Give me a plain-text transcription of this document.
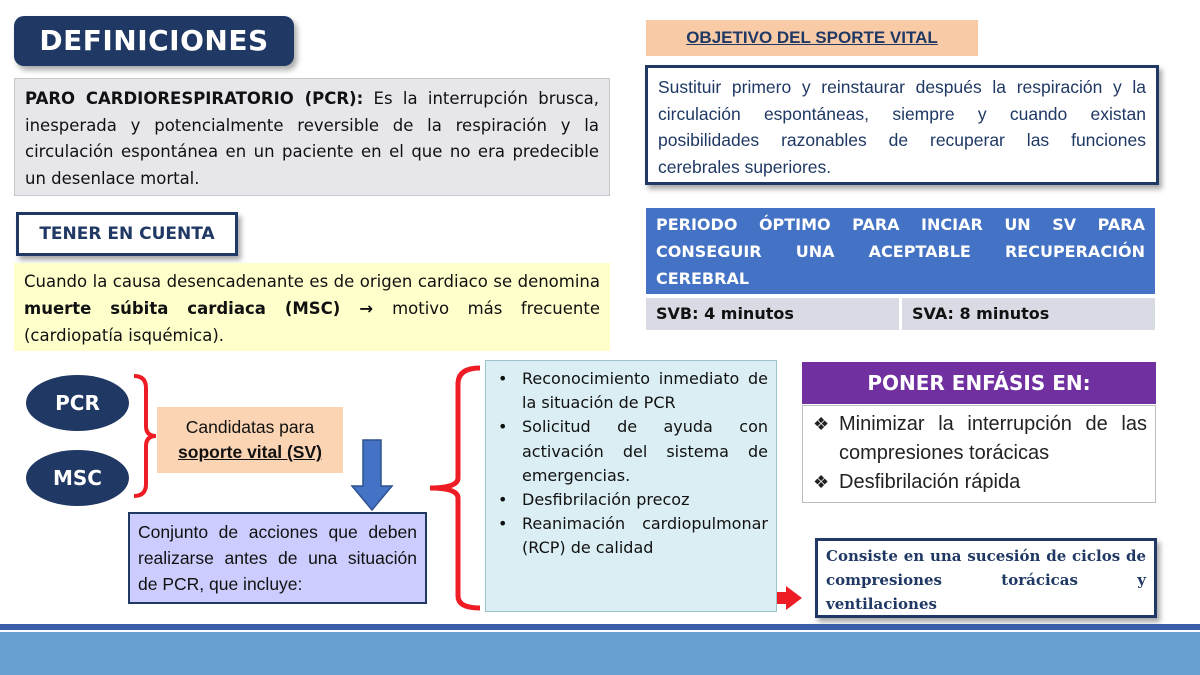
DEFINICIONES
PARO CARDIORESPIRATORIO (PCR): Es la interrupción brusca, inesperada y potencialmente reversible de la respiración y la circulación espontánea en un paciente en el que no era predecible un desenlace mortal.
TENER EN CUENTA
Cuando la causa desencadenante es de origen cardiaco se denomina muerte súbita cardiaca (MSC) → motivo más frecuente (cardiopatía isquémica).
OBJETIVO DEL SPORTE VITAL
Sustituir primero y reinstaurar después la respiración y la circulación espontáneas, siempre y cuando existan posibilidades razonables de recuperar las funciones cerebrales superiores.
PERIODO ÓPTIMO PARA INCIAR UN SV PARA CONSEGUIR UNA ACEPTABLE RECUPERACIÓN CEREBRAL
SVB: 4 minutos	SVA: 8 minutos
PCR
MSC
Candidatas para
soporte vital (SV)
Conjunto de acciones que deben realizarse antes de una situación de PCR, que incluye:
• Reconocimiento inmediato de la situación de PCR
• Solicitud de ayuda con activación del sistema de emergencias.
• Desfibrilación precoz
• Reanimación cardiopulmonar (RCP) de calidad
PONER ENFÁSIS EN:
❖ Minimizar la interrupción de las compresiones torácicas
❖ Desfibrilación rápida
Consiste en una sucesión de ciclos de compresiones torácicas y ventilaciones
